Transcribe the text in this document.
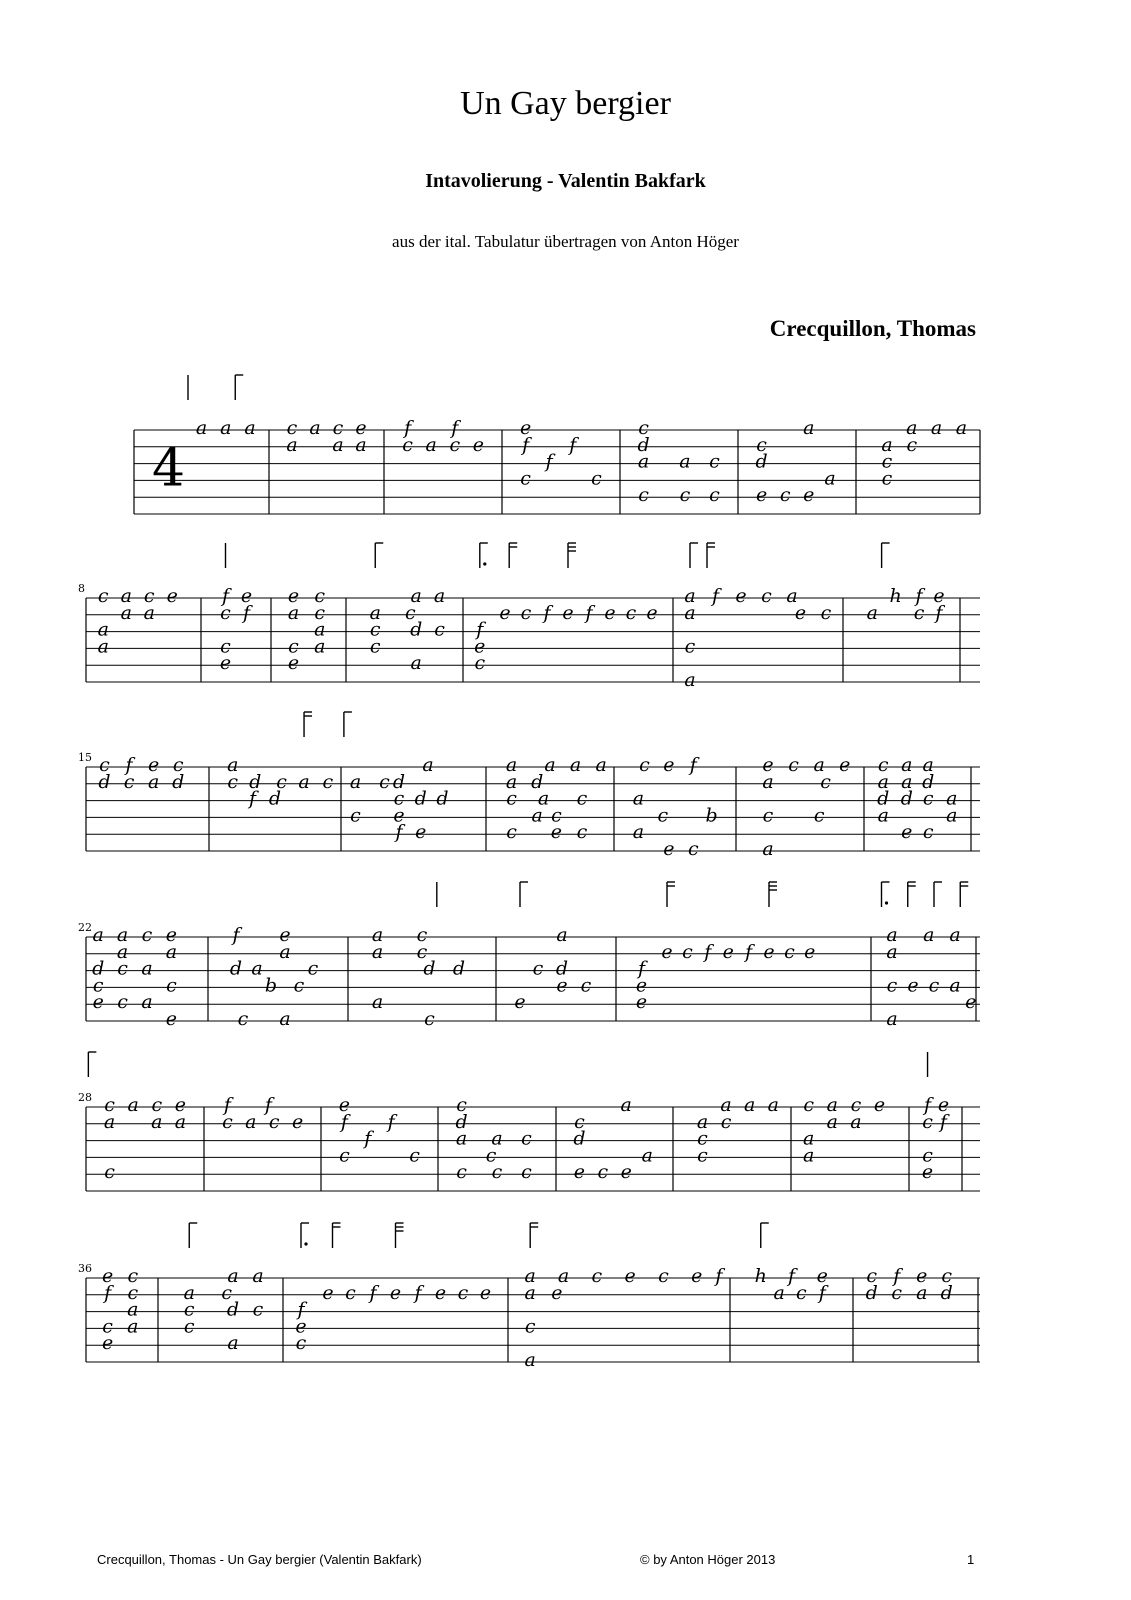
Un Gay bergier
Intavolierung - Valentin Bakfark
aus der ital. Tabulatur übertragen von Anton Höger
Crecquillon, Thomas
4
a a a c a c e
a a a
f f
c a c e
e
f f
f
c	c
c
d
a a c
c c c
c
d
a
a
e c e
a
c
c
c
a a a
8 c a c e
a a
a
a
f e
c f
c
e
e c
a c
a
c a
e
a a
a c
c d c
c
a
f
e
c
e c f e f e c e
a f e c a
a	e c
c
a
a
h f e
c f
15 c f e c
d c a d
a
c d c a c
f d
a
a c d
c d d
c e
f e
a a a a
a d
c a c
a c
c e c
c e f
a
c b
a
e c
e c a e
a c
c c
a
c a a
a a d
d d c a
a	a
e c
22 a a c e
a a
d c a
c	c
e c a
e
f e
a
d a c
b c
c a
a c
a c
d d
a
c
a
c d
e c
e
f
e
e
e c f e f e c e
a a a
a
c e c a
e
a
28 c a c e
a a a
c
f f
c a c e
e
f f
f
c	c
c
d
a a c
c
c c c
c
d
a
a
e c e
a
c
c
c
a a a c a c e
a a
a
a
f e
c f
c
e
36 e c
f c
a
c a
e
a a
a c
c d c
c
a
f
e
c
e c f e f e c e
a a c e c e f
a e
c
a
h f e
a c f
c f e c
d c a d
Crecquillon, Thomas - Un Gay bergier (Valentin Bakfark)	© by Anton Höger 2013	1
